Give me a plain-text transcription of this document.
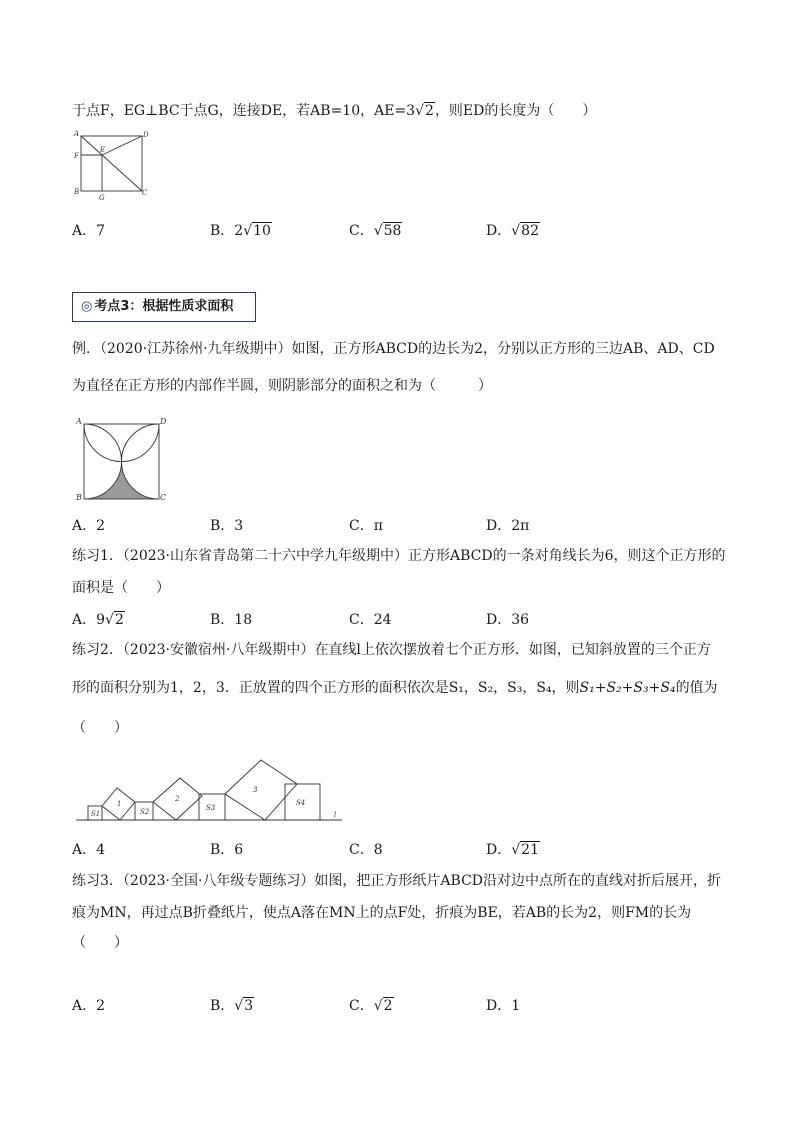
于点F，EG⊥BC于点G，连接DE，若AB=10，AE=3√2，则ED的长度为（　　）
A	D
F
E
B
G
C
A．7	B．2√10	C．√58	D．√82
◎ 考点3：根据性质求面积
例．（2020·江苏徐州·九年级期中）如图，正方形ABCD的边长为2，分别以正方形的三边AB、AD、CD
为直径在正方形的内部作半圆，则阴影部分的面积之和为（　　　）
A	D
B	C
A．2	B．3	C．π	D．2π
练习1．（2023·山东省青岛第二十六中学九年级期中）正方形ABCD的一条对角线长为6，则这个正方形的
面积是（　　）
A．9√2	B．18	C．24	D．36
练习2．（2023·安徽宿州·八年级期中）在直线l上依次摆放着七个正方形．如图，已知斜放置的三个正方
形的面积分别为1，2，3．正放置的四个正方形的面积依次是S₁，S₂，S₃，S₄，则S₁+S₂+S₃+S₄的值为
（　　）
S1
1
S2
2
S3
3
S4
l
A．4	B．6	C．8	D．√21
练习3．（2023·全国·八年级专题练习）如图，把正方形纸片ABCD沿对边中点所在的直线对折后展开，折
痕为MN，再过点B折叠纸片，使点A落在MN上的点F处，折痕为BE，若AB的长为2，则FM的长为
（　　）
A．2	B．√3	C．√2	D．1
